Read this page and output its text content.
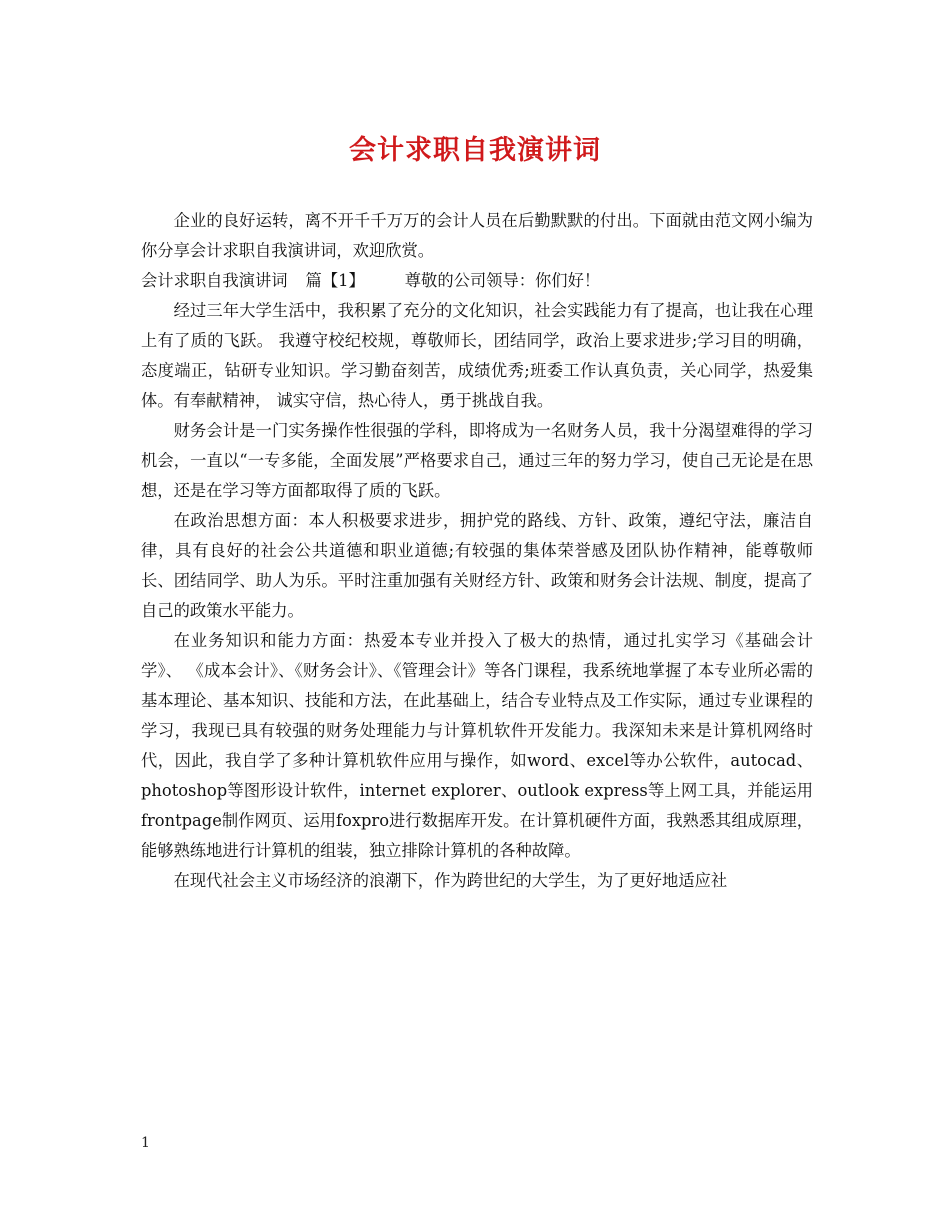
会计求职自我演讲词

企业的良好运转，离不开千千万万的会计人员在后勤默默的付出。下面就由范文网小编为你分享会计求职自我演讲词，欢迎欣赏。

会计求职自我演讲词 篇【1】 尊敬的公司领导：你们好！

经过三年大学生活中，我积累了充分的文化知识，社会实践能力有了提高，也让我在心理上有了质的飞跃。 我遵守校纪校规，尊敬师长，团结同学，政治上要求进步;学习目的明确，态度端正，钻研专业知识。学习勤奋刻苦，成绩优秀;班委工作认真负责，关心同学，热爱集体。有奉献精神， 诚实守信，热心待人，勇于挑战自我。

财务会计是一门实务操作性很强的学科，即将成为一名财务人员，我十分渴望难得的学习机会，一直以“一专多能，全面发展”严格要求自己，通过三年的努力学习，使自己无论是在思想，还是在学习等方面都取得了质的飞跃。

在政治思想方面：本人积极要求进步，拥护党的路线、方针、政策，遵纪守法，廉洁自律，具有良好的社会公共道德和职业道德;有较强的集体荣誉感及团队协作精神，能尊敬师长、团结同学、助人为乐。平时注重加强有关财经方针、政策和财务会计法规、制度，提高了自己的政策水平能力。

在业务知识和能力方面：热爱本专业并投入了极大的热情，通过扎实学习《基础会计学》、 《成本会计》、《财务会计》、《管理会计》等各门课程，我系统地掌握了本专业所必需的基本理论、基本知识、技能和方法，在此基础上，结合专业特点及工作实际，通过专业课程的学习，我现已具有较强的财务处理能力与计算机软件开发能力。我深知未来是计算机网络时代，因此，我自学了多种计算机软件应用与操作，如word、excel等办公软件，autocad、photoshop等图形设计软件，internet explorer、outlook express等上网工具，并能运用frontpage制作网页、运用foxpro进行数据库开发。在计算机硬件方面，我熟悉其组成原理，能够熟练地进行计算机的组装，独立排除计算机的各种故障。

在现代社会主义市场经济的浪潮下，作为跨世纪的大学生，为了更好地适应社

1
